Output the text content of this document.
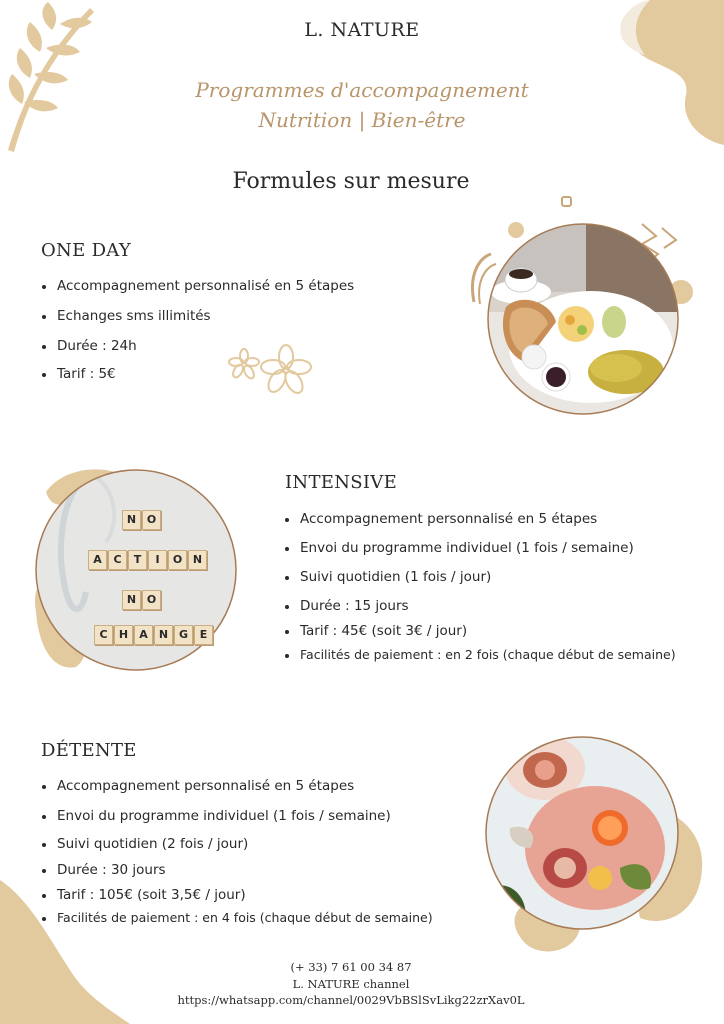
L. NATURE
Programmes d'accompagnement
Nutrition | Bien-être
Formules sur mesure
ONE DAY
Accompagnement personnalisé en 5 étapes
Echanges sms illimités
Durée : 24h
Tarif : 5€
N O
A	C	T	I	O N
N O
C	H	A	N G	E
INTENSIVE
Accompagnement personnalisé en 5 étapes
Envoi du programme individuel (1 fois / semaine)
Suivi quotidien (1 fois / jour)
Durée : 15 jours
Tarif : 45€ (soit 3€ / jour)
Facilités de paiement : en 2 fois (chaque début de semaine)
DÉTENTE
Accompagnement personnalisé en 5 étapes
Envoi du programme individuel (1 fois / semaine)
Suivi quotidien (2 fois / jour)
Durée : 30 jours
Tarif : 105€ (soit 3,5€ / jour)
Facilités de paiement : en 4 fois (chaque début de semaine)
(+ 33) 7 61 00 34 87
L. NATURE channel
https://whatsapp.com/channel/0029VbBSlSvLikg22zrXav0L
